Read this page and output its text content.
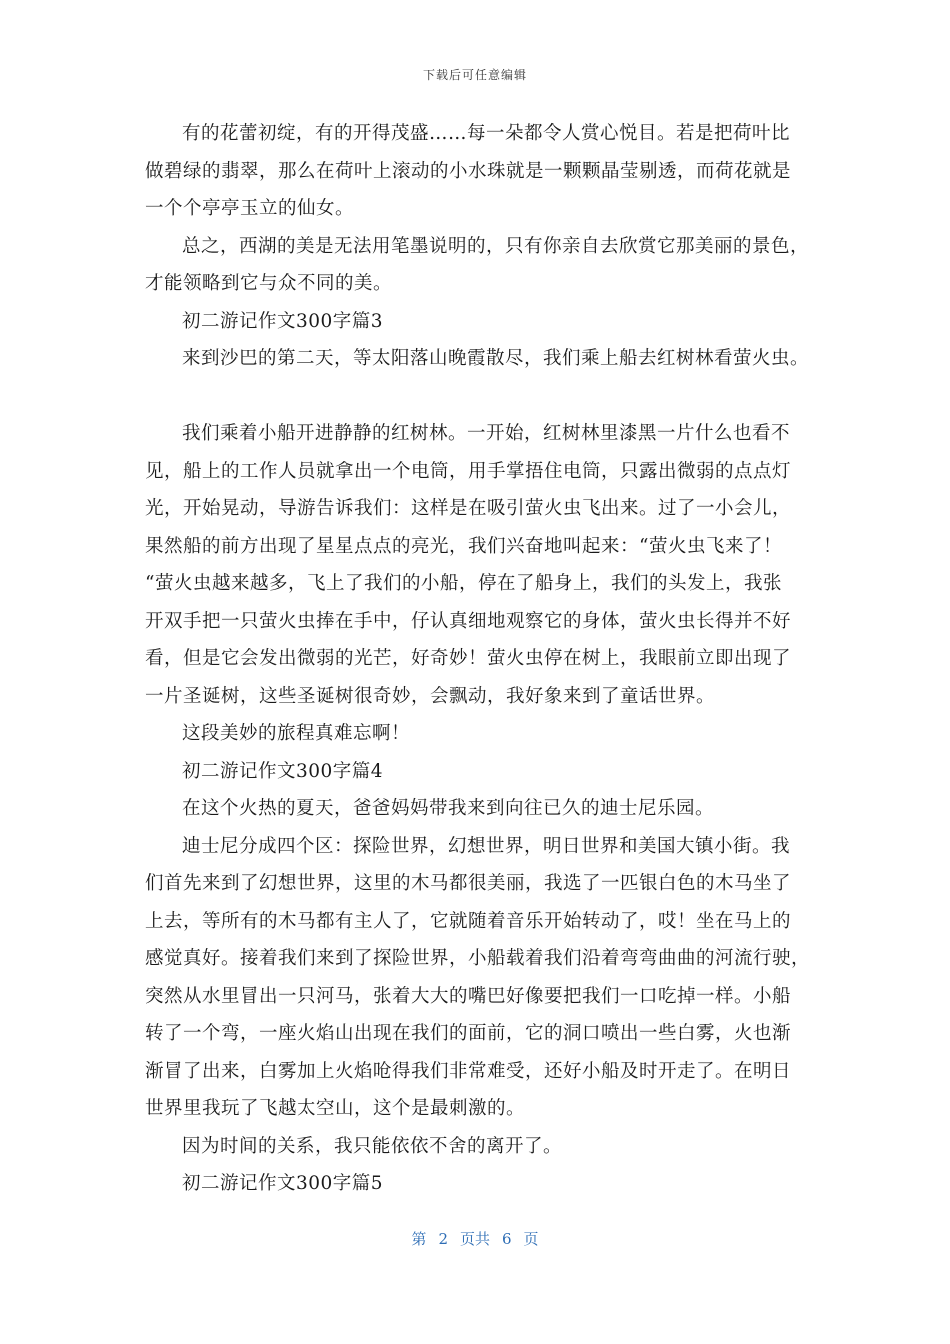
下载后可任意编辑
有的花蕾初绽，有的开得茂盛……每一朵都令人赏心悦目。若是把荷叶比
做碧绿的翡翠，那么在荷叶上滚动的小水珠就是一颗颗晶莹剔透，而荷花就是
一个个亭亭玉立的仙女。
总之，西湖的美是无法用笔墨说明的，只有你亲自去欣赏它那美丽的景色，
才能领略到它与众不同的美。
初二游记作文300字篇3
来到沙巴的第二天，等太阳落山晚霞散尽，我们乘上船去红树林看萤火虫。
我们乘着小船开进静静的红树林。一开始，红树林里漆黑一片什么也看不
见，船上的工作人员就拿出一个电筒，用手掌捂住电筒，只露出微弱的点点灯
光，开始晃动，导游告诉我们：这样是在吸引萤火虫飞出来。过了一小会儿，
果然船的前方出现了星星点点的亮光，我们兴奋地叫起来：“萤火虫飞来了！
“萤火虫越来越多，飞上了我们的小船，停在了船身上，我们的头发上，我张
开双手把一只萤火虫捧在手中，仔认真细地观察它的身体，萤火虫长得并不好
看，但是它会发出微弱的光芒，好奇妙！萤火虫停在树上，我眼前立即出现了
一片圣诞树，这些圣诞树很奇妙，会飘动，我好象来到了童话世界。
这段美妙的旅程真难忘啊！
初二游记作文300字篇4
在这个火热的夏天，爸爸妈妈带我来到向往已久的迪士尼乐园。
迪士尼分成四个区：探险世界，幻想世界，明日世界和美国大镇小街。我
们首先来到了幻想世界，这里的木马都很美丽，我选了一匹银白色的木马坐了
上去，等所有的木马都有主人了，它就随着音乐开始转动了，哎！坐在马上的
感觉真好。接着我们来到了探险世界，小船载着我们沿着弯弯曲曲的河流行驶，
突然从水里冒出一只河马，张着大大的嘴巴好像要把我们一口吃掉一样。小船
转了一个弯，一座火焰山出现在我们的面前，它的洞口喷出一些白雾，火也渐
渐冒了出来，白雾加上火焰呛得我们非常难受，还好小船及时开走了。在明日
世界里我玩了飞越太空山，这个是最刺激的。
因为时间的关系，我只能依依不舍的离开了。
初二游记作文300字篇5
第 2 页共 6 页
